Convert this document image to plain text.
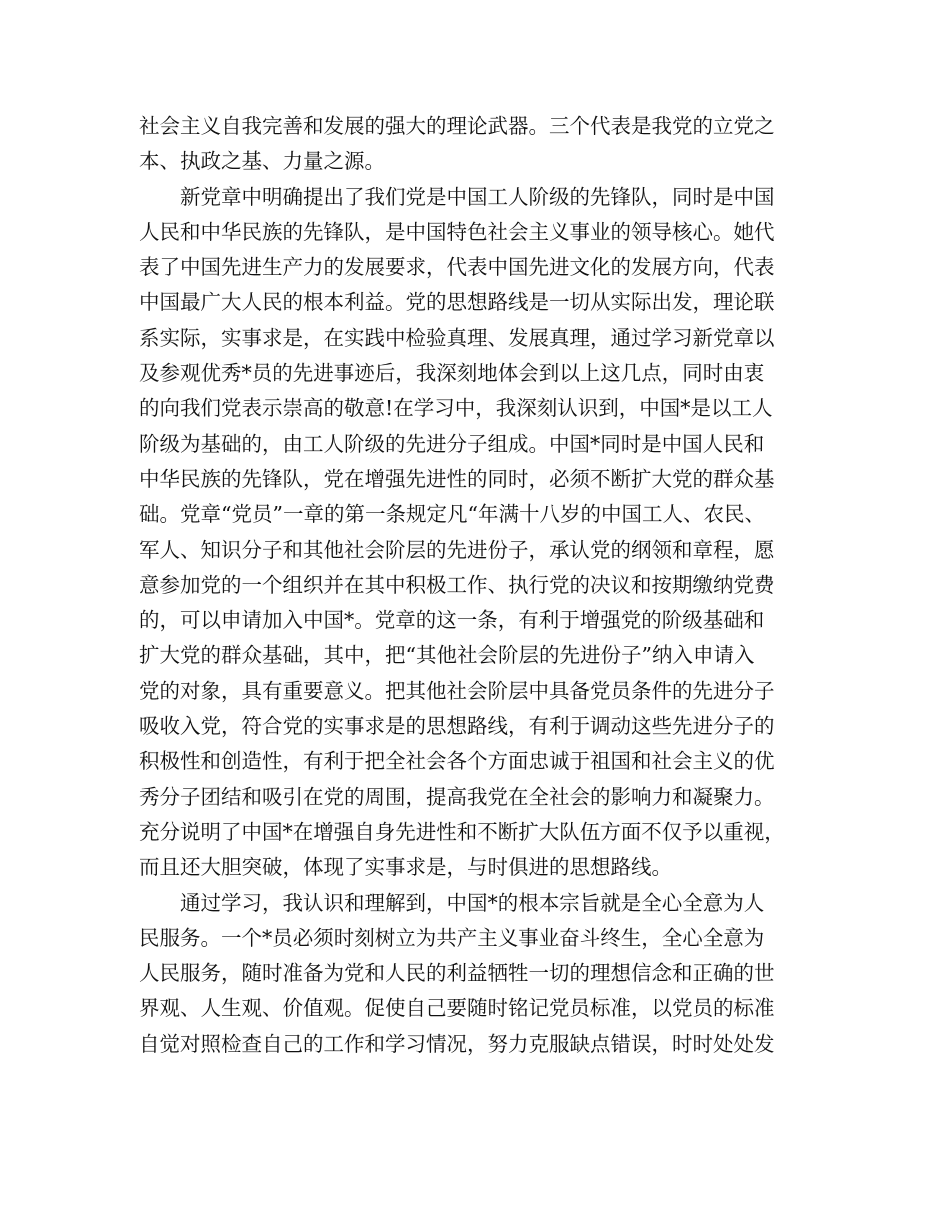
社会主义自我完善和发展的强大的理论武器。三个代表是我党的立党之
本、执政之基、力量之源。
新党章中明确提出了我们党是中国工人阶级的先锋队，同时是中国
人民和中华民族的先锋队，是中国特色社会主义事业的领导核心。她代
表了中国先进生产力的发展要求，代表中国先进文化的发展方向，代表
中国最广大人民的根本利益。党的思想路线是一切从实际出发，理论联
系实际，实事求是，在实践中检验真理、发展真理，通过学习新党章以
及参观优秀*员的先进事迹后，我深刻地体会到以上这几点，同时由衷
的向我们党表示崇高的敬意!在学习中，我深刻认识到，中国*是以工人
阶级为基础的，由工人阶级的先进分子组成。中国*同时是中国人民和
中华民族的先锋队，党在增强先进性的同时，必须不断扩大党的群众基
础。党章“党员”一章的第一条规定凡“年满十八岁的中国工人、农民、
军人、知识分子和其他社会阶层的先进份子，承认党的纲领和章程，愿
意参加党的一个组织并在其中积极工作、执行党的决议和按期缴纳党费
的，可以申请加入中国*。党章的这一条，有利于增强党的阶级基础和
扩大党的群众基础，其中，把“其他社会阶层的先进份子”纳入申请入
党的对象，具有重要意义。把其他社会阶层中具备党员条件的先进分子
吸收入党，符合党的实事求是的思想路线，有利于调动这些先进分子的
积极性和创造性，有利于把全社会各个方面忠诚于祖国和社会主义的优
秀分子团结和吸引在党的周围，提高我党在全社会的影响力和凝聚力。
充分说明了中国*在增强自身先进性和不断扩大队伍方面不仅予以重视，
而且还大胆突破，体现了实事求是，与时俱进的思想路线。
通过学习，我认识和理解到，中国*的根本宗旨就是全心全意为人
民服务。一个*员必须时刻树立为共产主义事业奋斗终生，全心全意为
人民服务，随时准备为党和人民的利益牺牲一切的理想信念和正确的世
界观、人生观、价值观。促使自己要随时铭记党员标准，以党员的标准
自觉对照检查自己的工作和学习情况，努力克服缺点错误，时时处处发
